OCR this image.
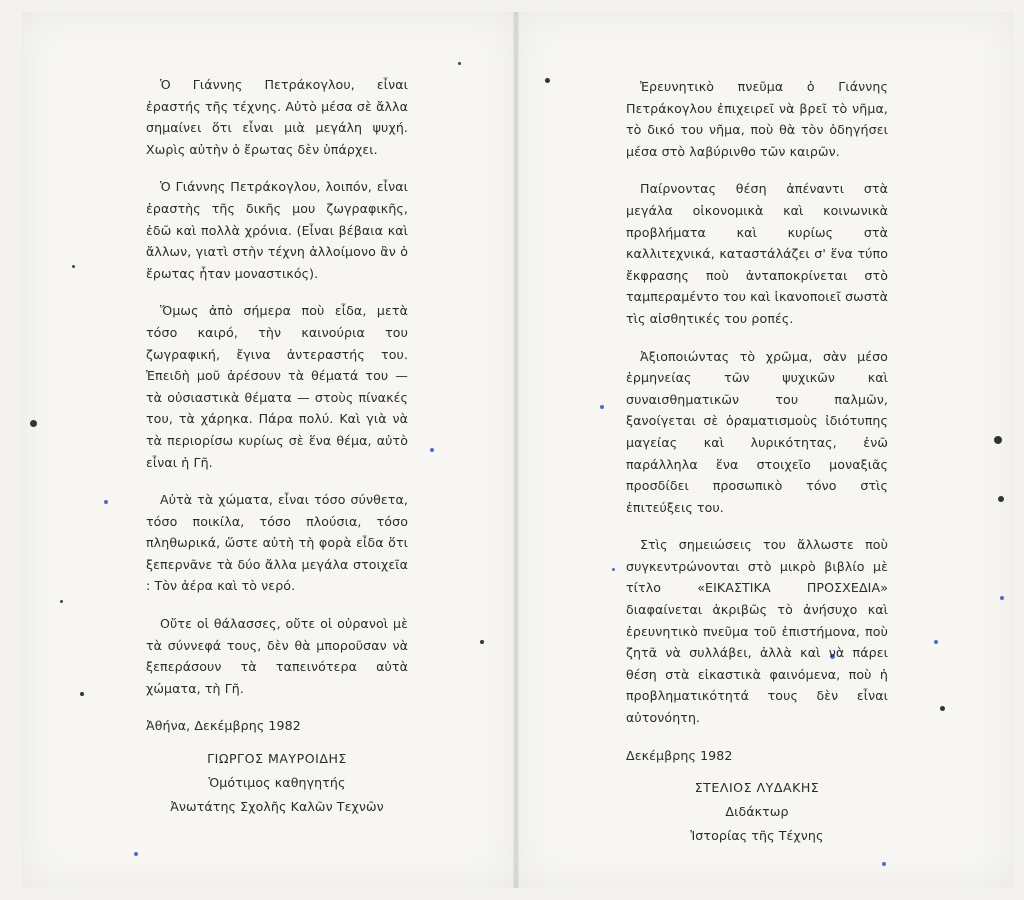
Ὁ Γιάννης Πετράκογλου, εἶναι ἐραστής τῆς τέχνης. Αὐτὸ μέσα σὲ ἄλλα σημαίνει ὅτι εἶναι μιὰ μεγάλη ψυχή. Χωρὶς αὐτὴν ὁ ἔρωτας δὲν ὑπάρχει.

Ὁ Γιάννης Πετράκογλου, λοιπόν, εἶναι ἐραστὴς τῆς δικῆς μου ζωγραφικῆς, ἐδῶ καὶ πολλὰ χρόνια. (Εἶναι βέβαια καὶ ἄλλων, γιατὶ στὴν τέχνη ἀλλοίμονο ἂν ὁ ἔρωτας ἦταν μοναστικός).

Ὅμως ἀπὸ σήμερα ποὺ εἶδα, μετὰ τόσο καιρό, τὴν καινούρια του ζωγραφική, ἔγινα ἀντεραστής του. Ἐπειδὴ μοῦ ἀρέσουν τὰ θέματά του — τὰ οὐσιαστικὰ θέματα — στοὺς πίνακές του, τὰ χάρηκα. Πάρα πολύ. Καὶ γιὰ νὰ τὰ περιορίσω κυρίως σὲ ἕνα θέμα, αὐτὸ εἶναι ἡ Γῆ.

Αὐτὰ τὰ χώματα, εἶναι τόσο σύνθετα, τόσο ποικίλα, τόσο πλούσια, τόσο πληθωρικά, ὥστε αὐτὴ τὴ φορὰ εἶδα ὅτι ξεπερνᾶνε τὰ δύο ἄλλα μεγάλα στοιχεῖα : Τὸν ἀέρα καὶ τὸ νερό.

Οὔτε οἱ θάλασσες, οὔτε οἱ οὐρανοὶ μὲ τὰ σύννεφά τους, δὲν θὰ μποροῦσαν νὰ ξεπεράσουν τὰ ταπεινότερα αὐτὰ χώματα, τὴ Γῆ.

Ἀθήνα, Δεκέμβρης 1982

ΓΙΩΡΓΟΣ ΜΑΥΡΟΙΔΗΣ
Ὁμότιμος καθηγητής
Ἀνωτάτης Σχολῆς Καλῶν Τεχνῶν

Ἐρευνητικὸ πνεῦμα ὁ Γιάννης Πετράκογλου ἐπιχειρεῖ νὰ βρεῖ τὸ νῆμα, τὸ δικό του νῆμα, ποὺ θὰ τὸν ὁδηγήσει μέσα στὸ λαβύρινθο τῶν καιρῶν.

Παίρνοντας θέση ἀπέναντι στὰ μεγάλα οἰκονομικὰ καὶ κοινωνικὰ προβλήματα καὶ κυρίως στὰ καλλιτεχνικά, καταστάλάζει σ' ἕνα τύπο ἔκφρασης ποὺ ἀνταποκρίνεται στὸ ταμπεραμέντο του καὶ ἱκανοποιεῖ σωστὰ τὶς αἰσθητικές του ροπές.

Ἀξιοποιώντας τὸ χρῶμα, σὰν μέσο ἑρμηνείας τῶν ψυχικῶν καὶ συναισθηματικῶν του παλμῶν, ξανοίγεται σὲ ὁραματισμοὺς ἰδιότυπης μαγείας καὶ λυρικότητας, ἐνῶ παράλληλα ἕνα στοιχεῖο μοναξιᾶς προσδίδει προσωπικὸ τόνο στὶς ἐπιτεύξεις του.

Στὶς σημειώσεις του ἄλλωστε ποὺ συγκεντρώνονται στὸ μικρὸ βιβλίο μὲ τίτλο «ΕΙΚΑΣΤΙΚΑ ΠΡΟΣΧΕΔΙΑ» διαφαίνεται ἀκριβῶς τὸ ἀνήσυχο καὶ ἐρευνητικὸ πνεῦμα τοῦ ἐπιστήμονα, ποὺ ζητᾶ νὰ συλλάβει, ἀλλὰ καὶ νὰ πάρει θέση στὰ εἰκαστικὰ φαινόμενα, ποὺ ἡ προβληματικότητά τους δὲν εἶναι αὐτονόητη.

Δεκέμβρης 1982

ΣΤΕΛΙΟΣ ΛΥΔΑΚΗΣ
Διδάκτωρ
Ἱστορίας τῆς Τέχνης
